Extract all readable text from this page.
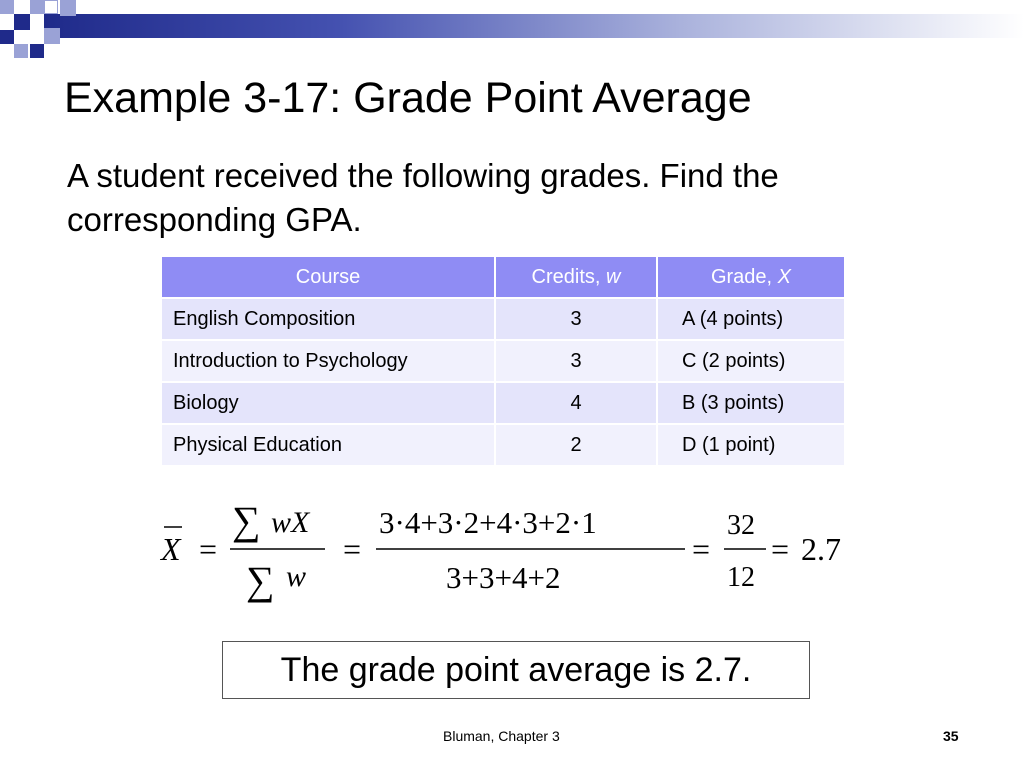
Example 3-17: Grade Point Average
A student received the following grades. Find the corresponding GPA.
Course	Credits, w	Grade, X
English Composition	3	A (4 points)
Introduction to Psychology	3	C (2 points)
Biology	4	B (3 points)
Physical Education	2	D (1 point)
X =
∑ wX
∑ w
=
3·4+3·2+4·3+2·1
3+3+4+2
=
32
12
= 2.7
The grade point average is 2.7.
Bluman, Chapter 3	35
